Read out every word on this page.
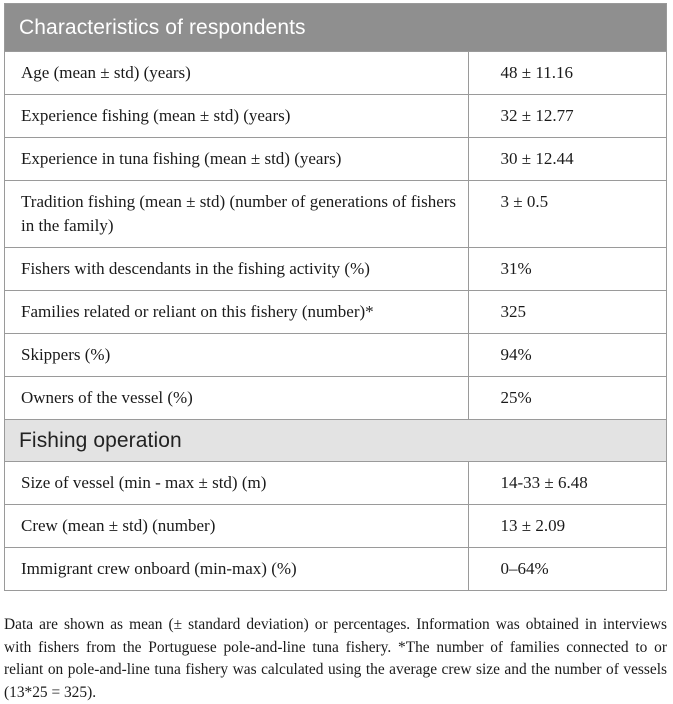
Characteristics of respondents	
Age (mean ± std) (years)	48 ± 11.16
Experience fishing (mean ± std) (years)	32 ± 12.77
Experience in tuna fishing (mean ± std) (years)	30 ± 12.44
Tradition fishing (mean ± std) (number of generations of fishers in the family)	3 ± 0.5
Fishers with descendants in the fishing activity (%)	31%
Families related or reliant on this fishery (number)*	325
Skippers (%)	94%
Owners of the vessel (%)	25%
Fishing operation	
Size of vessel (min - max ± std) (m)	14-33 ± 6.48
Crew (mean ± std) (number)	13 ± 2.09
Immigrant crew onboard (min-max) (%)	0–64%

Data are shown as mean (± standard deviation) or percentages. Information was obtained in interviews with fishers from the Portuguese pole-and-line tuna fishery. *The number of families connected to or reliant on pole-and-line tuna fishery was calculated using the average crew size and the number of vessels (13*25 = 325).
